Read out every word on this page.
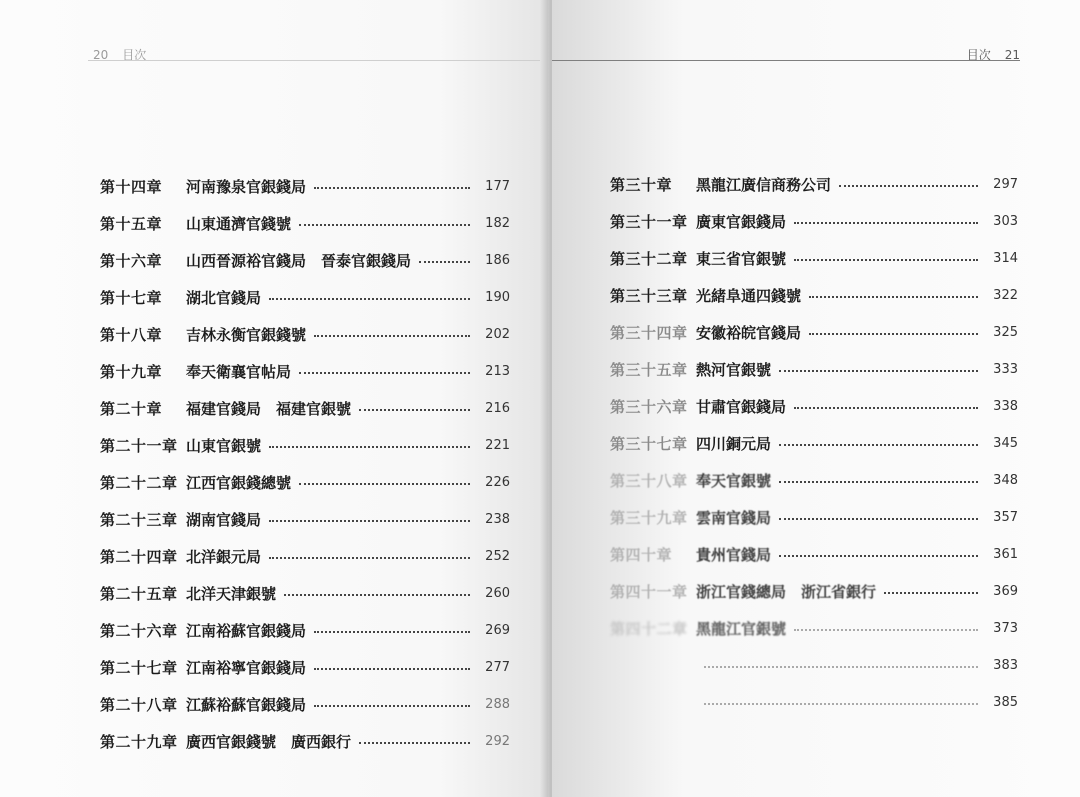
20 目次
第十四章	河南豫泉官銀錢局	177
第十五章	山東通濟官錢號	182
第十六章	山西晉源裕官錢局　晉泰官銀錢局	186
第十七章	湖北官錢局	190
第十八章	吉林永衡官銀錢號	202
第十九章	奉天衛襄官帖局	213
第二十章	福建官錢局　福建官銀號	216
第二十一章 山東官銀號	221
第二十二章 江西官銀錢總號	226
第二十三章 湖南官錢局	238
第二十四章 北洋銀元局	252
第二十五章 北洋天津銀號	260
第二十六章 江南裕蘇官銀錢局	269
第二十七章 江南裕寧官銀錢局	277
第二十八章 江蘇裕蘇官銀錢局	288
第二十九章 廣西官銀錢號　廣西銀行	292
目次 21
第三十章	黑龍江廣信商務公司	297
第三十一章 廣東官銀錢局	303
第三十二章 東三省官銀號	314
第三十三章 光緒阜通四錢號	322
第三十四章 安徽裕皖官錢局	325
第三十五章 熱河官銀號	333
第三十六章 甘肅官銀錢局	338
第三十七章 四川銅元局	345
第三十八章 奉天官銀號	348
第三十九章 雲南官錢局	357
第四十章	貴州官錢局	361
第四十一章 浙江官錢總局　浙江省銀行	369
第四十二章 黑龍江官銀號	373
383
385
